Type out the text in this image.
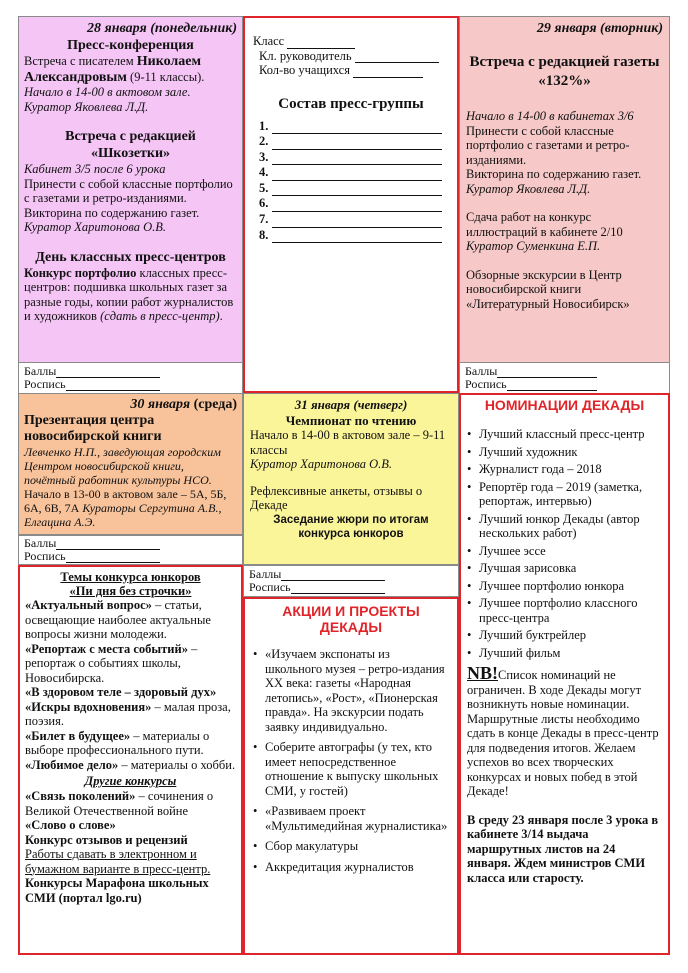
28 января (понедельник)
Пресс-конференция
Встреча с писателем Николаем Александровым (9-11 классы).
Начало в 14-00 в актовом зале.
Куратор Яковлева Л.Д.
Встреча с редакцией «Шкозетки»
Кабинет 3/5 после 6 урока
Принести с собой классные портфолио с газетами и ретро-изданиями.
Викторина по содержанию газет.
Куратор Харитонова О.В.
День классных пресс-центров
Конкурс портфолио классных пресс-центров: подшивка школьных газет за разные годы, копии работ журналистов и художников (сдать в пресс-центр).
Баллы
Роспись
Класс
Кл. руководитель
Кол-во учащихся
Состав пресс-группы
1.
2.
3.
4.
5.
6.
7.
8.
29 января (вторник)
Встреча с редакцией газеты «132%»
Начало в 14-00 в кабинетах 3/6
Принести с собой классные портфолио с газетами и ретро-изданиями.
Викторина по содержанию газет.
Куратор Яковлева Л.Д.
Сдача работ на конкурс иллюстраций в кабинете 2/10
Куратор Суменкина Е.П.
Обзорные экскурсии в Центр новосибирской книги «Литературный Новосибирск»
Баллы
Роспись
30 января (среда)
Презентация центра новосибирской книги
Левченко Н.П., заведующая городским Центром новосибирской книги, почётный работник культуры НСО.
Начало в 13-00 в актовом зале – 5А, 5Б, 6А, 6В, 7А Кураторы Сергутина А.В., Елгацина А.Э.
Баллы
Роспись
31 января (четверг)
Чемпионат по чтению
Начало в 14-00 в актовом зале – 9-11 классы
Куратор Харитонова О.В.
Рефлексивные анкеты, отзывы о Декаде
Заседание жюри по итогам конкурса юнкоров
Баллы
Роспись
НОМИНАЦИИ ДЕКАДЫ
• Лучший классный пресс-центр
• Лучший художник
• Журналист года – 2018
• Репортёр года – 2019 (заметка, репортаж, интервью)
• Лучший юнкор Декады (автор нескольких работ)
• Лучшее эссе
• Лучшая зарисовка
• Лучшее портфолио юнкора
• Лучшее портфолио классного пресс-центра
• Лучший буктрейлер
• Лучший фильм
NB!Список номинаций не ограничен. В ходе Декады могут возникнуть новые номинации. Маршрутные листы необходимо сдать в конце Декады в пресс-центр для подведения итогов. Желаем успехов во всех творческих конкурсах и новых побед в этой Декаде!
В среду 23 января после 3 урока в кабинете 3/14 выдача маршрутных листов на 24 января. Ждем министров СМИ класса или старосту.
Темы конкурса юнкоров
«Пи дня без строчки»
«Актуальный вопрос» – статьи, освещающие наиболее актуальные вопросы жизни молодежи.
«Репортаж с места событий» – репортаж о событиях школы, Новосибирска.
«В здоровом теле – здоровый дух»
«Искры вдохновения» – малая проза, поэзия.
«Билет в будущее» – материалы о выборе профессионального пути.
«Любимое дело» – материалы о хобби.
Другие конкурсы
«Связь поколений» – сочинения о Великой Отечественной войне
«Слово о слове»
Конкурс отзывов и рецензий
Работы сдавать в электронном и бумажном варианте в пресс-центр.
Конкурсы Марафона школьных СМИ (портал lgo.ru)
АКЦИИ И ПРОЕКТЫ ДЕКАДЫ
• «Изучаем экспонаты из школьного музея – ретро-издания ХХ века: газеты «Народная летопись», «Рост», «Пионерская правда». На экскурсии подать заявку индивидуально.
• Соберите автографы (у тех, кто имеет непосредственное отношение к выпуску школьных СМИ, у гостей)
• «Развиваем проект «Мультимедийная журналистика»
• Сбор макулатуры
• Аккредитация журналистов
